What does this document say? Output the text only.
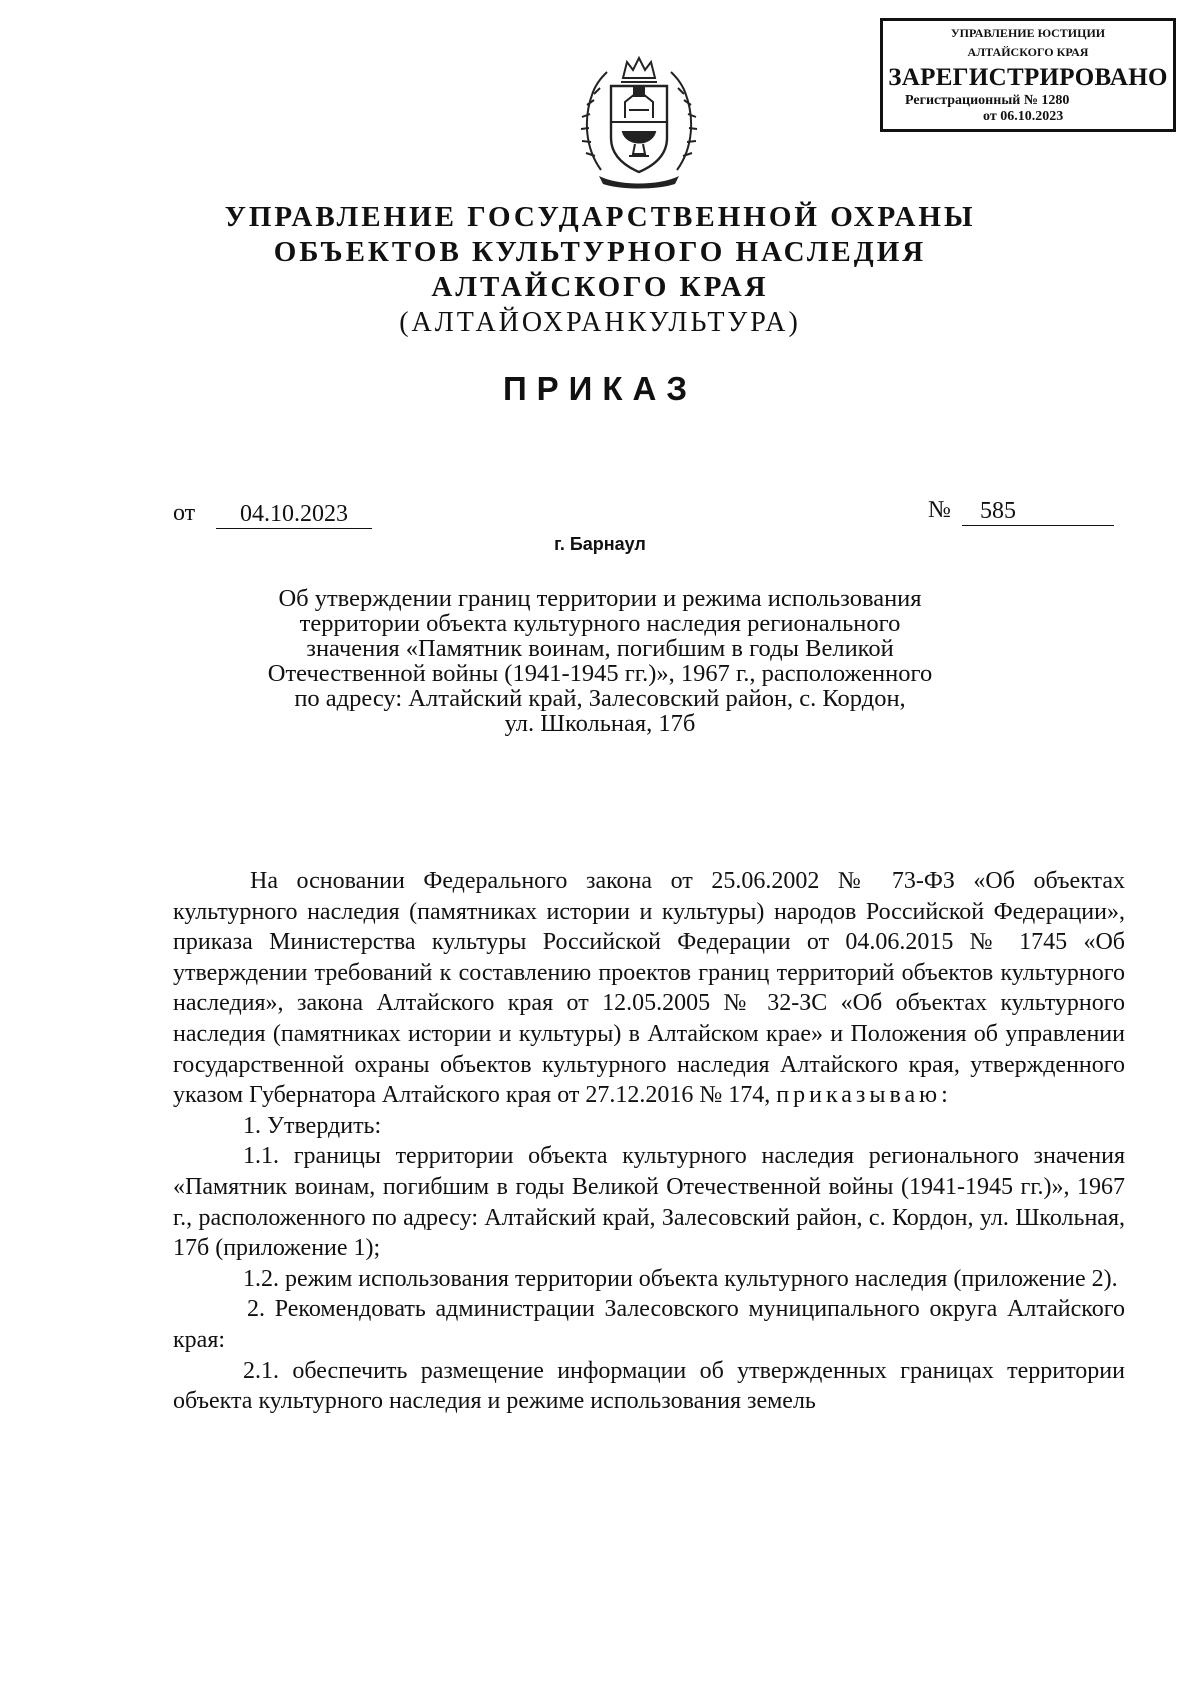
УПРАВЛЕНИЕ ЮСТИЦИИ
АЛТАЙСКОГО КРАЯ
ЗАРЕГИСТРИРОВАНО
Регистрационный № 1280
от 06.10.2023
УПРАВЛЕНИЕ ГОСУДАРСТВЕННОЙ ОХРАНЫ
ОБЪЕКТОВ КУЛЬТУРНОГО НАСЛЕДИЯ
АЛТАЙСКОГО КРАЯ
(АЛТАЙОХРАНКУЛЬТУРА)
ПРИКАЗ
от	04.10.2023	№	585
г. Барнаул
Об утверждении границ территории и режима использования
территории объекта культурного наследия регионального
значения «Памятник воинам, погибшим в годы Великой
Отечественной войны (1941-1945 гг.)», 1967 г., расположенного
по адресу: Алтайский край, Залесовский район, с. Кордон,
ул. Школьная, 17б

На основании Федерального закона от 25.06.2002 № 73-ФЗ «Об объектах культурного наследия (памятниках истории и культуры) народов Российской Федерации», приказа Министерства культуры Российской Федерации от 04.06.2015 № 1745 «Об утверждении требований к составлению проектов границ территорий объектов культурного наследия», закона Алтайского края от 12.05.2005 № 32-ЗС «Об объектах культурного наследия (памятниках истории и культуры) в Алтайском крае» и Положения об управлении государственной охраны объектов культурного наследия Алтайского края, утвержденного указом Губернатора Алтайского края от 27.12.2016 № 174, приказываю:

1. Утвердить:

1.1. границы территории объекта культурного наследия регионального значения «Памятник воинам, погибшим в годы Великой Отечественной войны (1941-1945 гг.)», 1967 г., расположенного по адресу: Алтайский край, Залесовский район, с. Кордон, ул. Школьная, 17б (приложение 1);

1.2. режим использования территории объекта культурного наследия (приложение 2).

2. Рекомендовать администрации Залесовского муниципального округа Алтайского края:

2.1. обеспечить размещение информации об утвержденных границах территории объекта культурного наследия и режиме использования земель
